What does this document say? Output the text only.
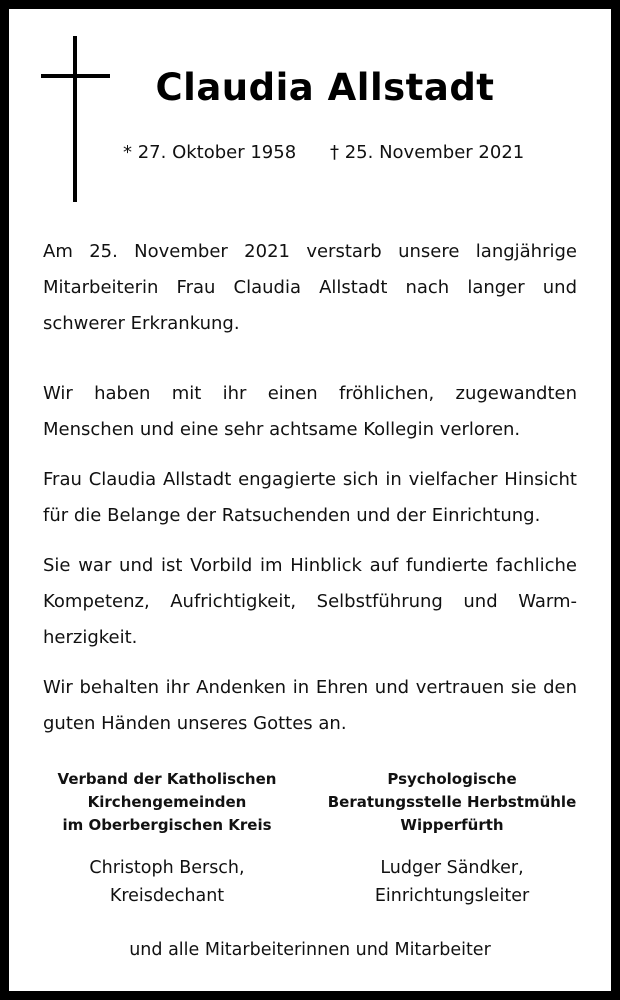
Claudia Allstadt
* 27. Oktober 1958 † 25. November 2021
Am 25. November 2021 verstarb unsere langjährige Mitarbeiterin Frau Claudia Allstadt nach langer und schwerer Erkrankung.
Wir haben mit ihr einen fröhlichen, zugewandten Menschen und eine sehr achtsame Kollegin verloren.
Frau Claudia Allstadt engagierte sich in vielfacher Hinsicht für die Belange der Ratsuchenden und der Einrichtung.
Sie war und ist Vorbild im Hinblick auf fundierte fachliche Kompetenz, Aufrichtigkeit, Selbstführung und Warm- herzigkeit.
Wir behalten ihr Andenken in Ehren und vertrauen sie den guten Händen unseres Gottes an.
Verband der Katholischen
Kirchengemeinden
im Oberbergischen Kreis
Christoph Bersch,
Kreisdechant
Psychologische
Beratungsstelle Herbstmühle
Wipperfürth
Ludger Sändker,
Einrichtungsleiter
und alle Mitarbeiterinnen und Mitarbeiter
